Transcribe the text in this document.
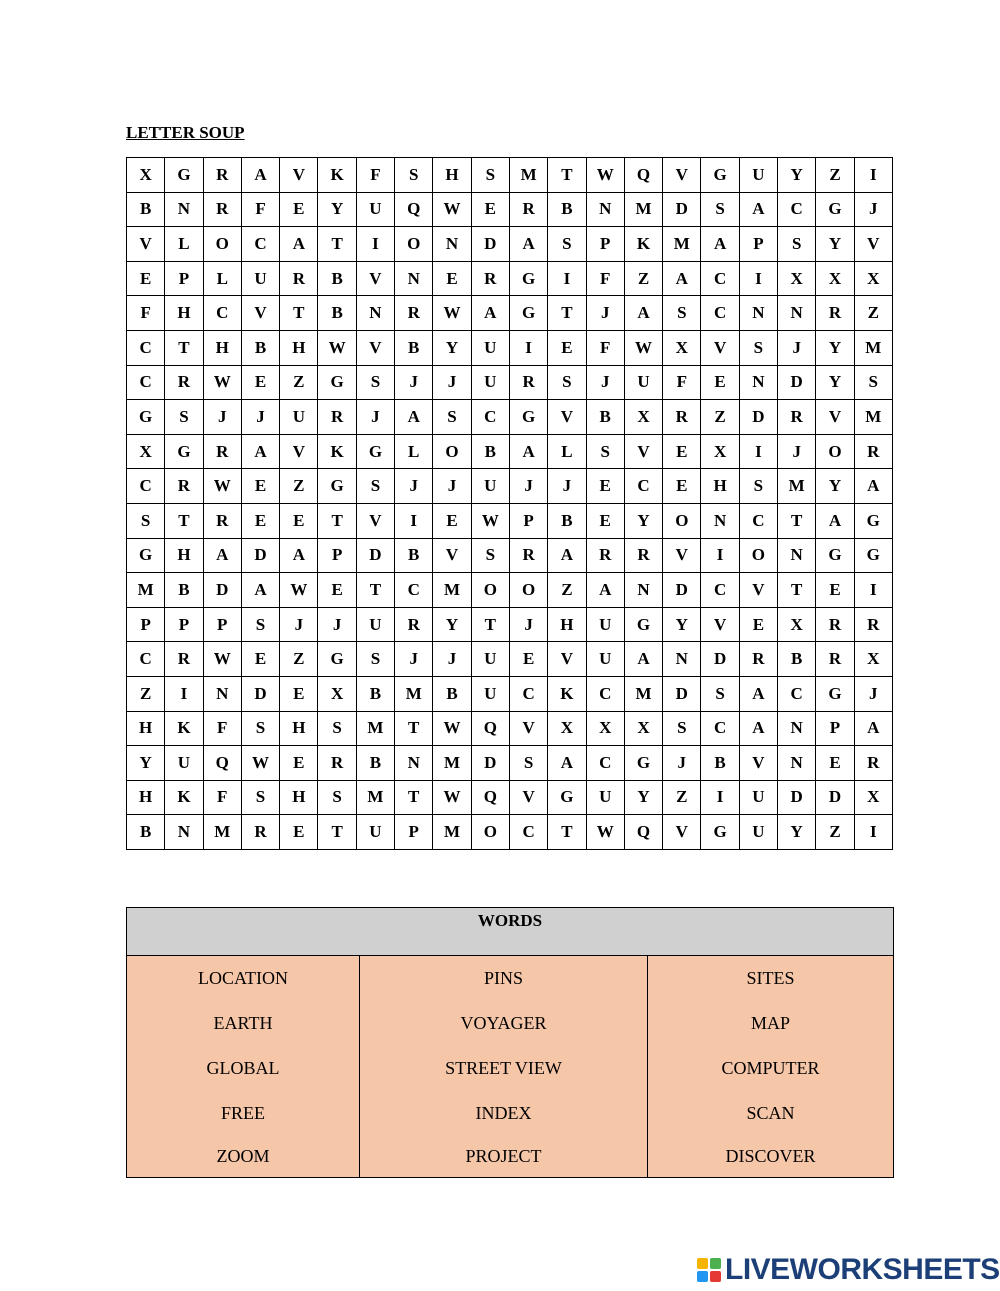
LETTER SOUP
X	G	R	A	V	K	F	S	H	S	M	T	W	Q	V	G	U	Y	Z	I
B	N	R	F	E	Y	U	Q	W	E	R	B	N	M	D	S	A	C	G	J
V	L	O	C	A	T	I	O	N	D	A	S	P	K	M	A	P	S	Y	V
E	P	L	U	R	B	V	N	E	R	G	I	F	Z	A	C	I	X	X	X
F	H	C	V	T	B	N	R	W	A	G	T	J	A	S	C	N	N	R	Z
C	T	H	B	H	W	V	B	Y	U	I	E	F	W	X	V	S	J	Y	M
C	R	W	E	Z	G	S	J	J	U	R	S	J	U	F	E	N	D	Y	S
G	S	J	J	U	R	J	A	S	C	G	V	B	X	R	Z	D	R	V	M
X	G	R	A	V	K	G	L	O	B	A	L	S	V	E	X	I	J	O	R
C	R	W	E	Z	G	S	J	J	U	J	J	E	C	E	H	S	M	Y	A
S	T	R	E	E	T	V	I	E	W	P	B	E	Y	O	N	C	T	A	G
G	H	A	D	A	P	D	B	V	S	R	A	R	R	V	I	O	N	G	G
M	B	D	A	W	E	T	C	M	O	O	Z	A	N	D	C	V	T	E	I
P	P	P	S	J	J	U	R	Y	T	J	H	U	G	Y	V	E	X	R	R
C	R	W	E	Z	G	S	J	J	U	E	V	U	A	N	D	R	B	R	X
Z	I	N	D	E	X	B	M	B	U	C	K	C	M	D	S	A	C	G	J
H	K	F	S	H	S	M	T	W	Q	V	X	X	X	S	C	A	N	P	A
Y	U	Q	W	E	R	B	N	M	D	S	A	C	G	J	B	V	N	E	R
H	K	F	S	H	S	M	T	W	Q	V	G	U	Y	Z	I	U	D	D	X
B	N	M	R	E	T	U	P	M	O	C	T	W	Q	V	G	U	Y	Z	I
WORDS		
LOCATION	PINS	SITES
EARTH	VOYAGER	MAP
GLOBAL	STREET VIEW	COMPUTER
FREE	INDEX	SCAN
ZOOM	PROJECT	DISCOVER
LIVEWORKSHEETS
